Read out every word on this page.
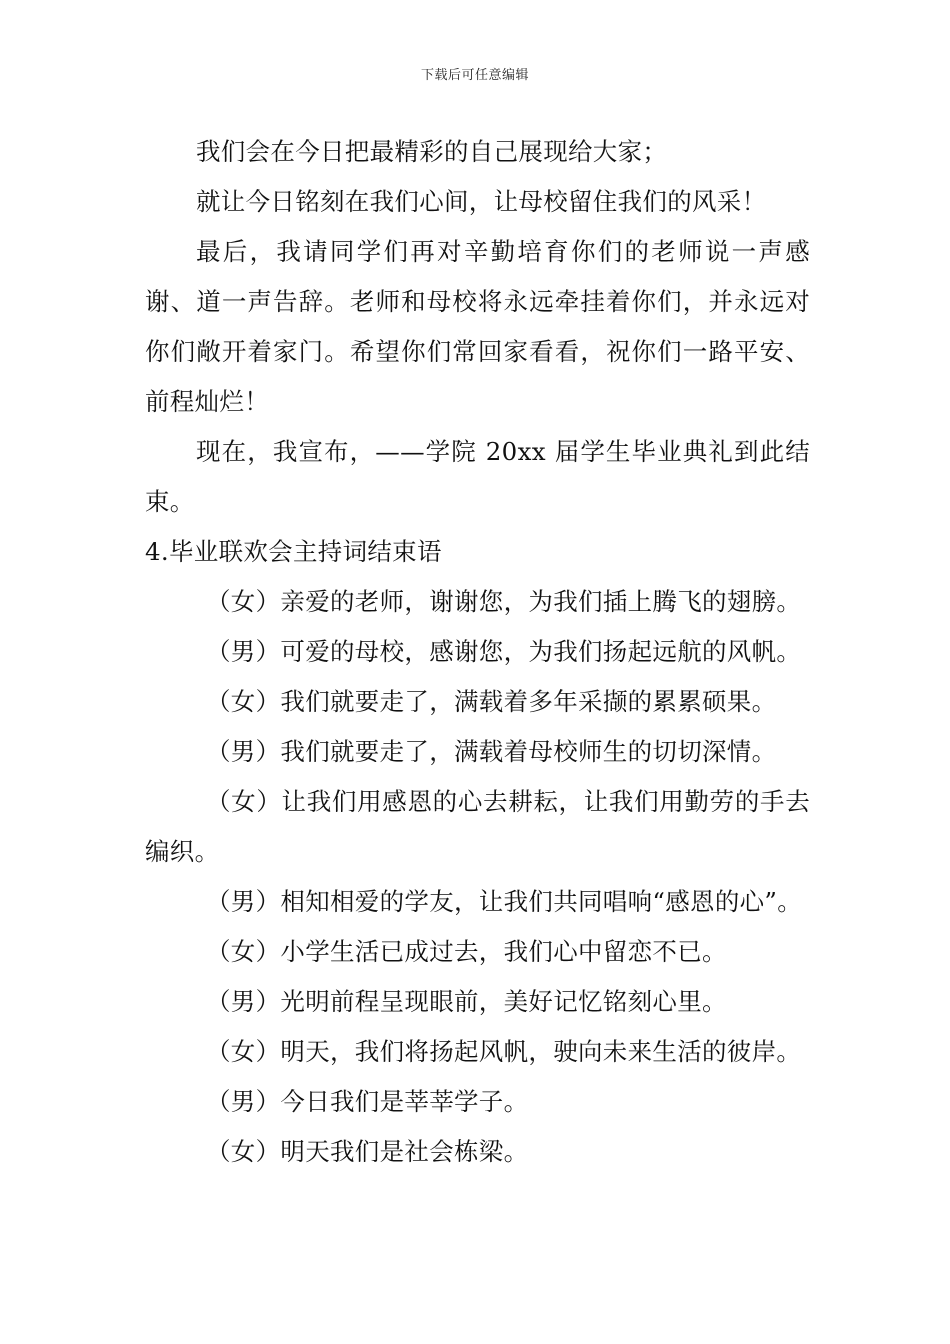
下载后可任意编辑

我们会在今日把最精彩的自己展现给大家；

就让今日铭刻在我们心间，让母校留住我们的风采！

最后，我请同学们再对辛勤培育你们的老师说一声感谢、道一声告辞。老师和母校将永远牵挂着你们，并永远对你们敞开着家门。希望你们常回家看看，祝你们一路平安、前程灿烂！

现在，我宣布，——学院 20xx 届学生毕业典礼到此结束。

4.毕业联欢会主持词结束语

（女）亲爱的老师，谢谢您，为我们插上腾飞的翅膀。

（男）可爱的母校，感谢您，为我们扬起远航的风帆。

（女）我们就要走了，满载着多年采撷的累累硕果。

（男）我们就要走了，满载着母校师生的切切深情。

（女）让我们用感恩的心去耕耘，让我们用勤劳的手去编织。

（男）相知相爱的学友，让我们共同唱响“感恩的心”。

（女）小学生活已成过去，我们心中留恋不已。

（男）光明前程呈现眼前，美好记忆铭刻心里。

（女）明天，我们将扬起风帆，驶向未来生活的彼岸。

（男）今日我们是莘莘学子。

（女）明天我们是社会栋梁。
